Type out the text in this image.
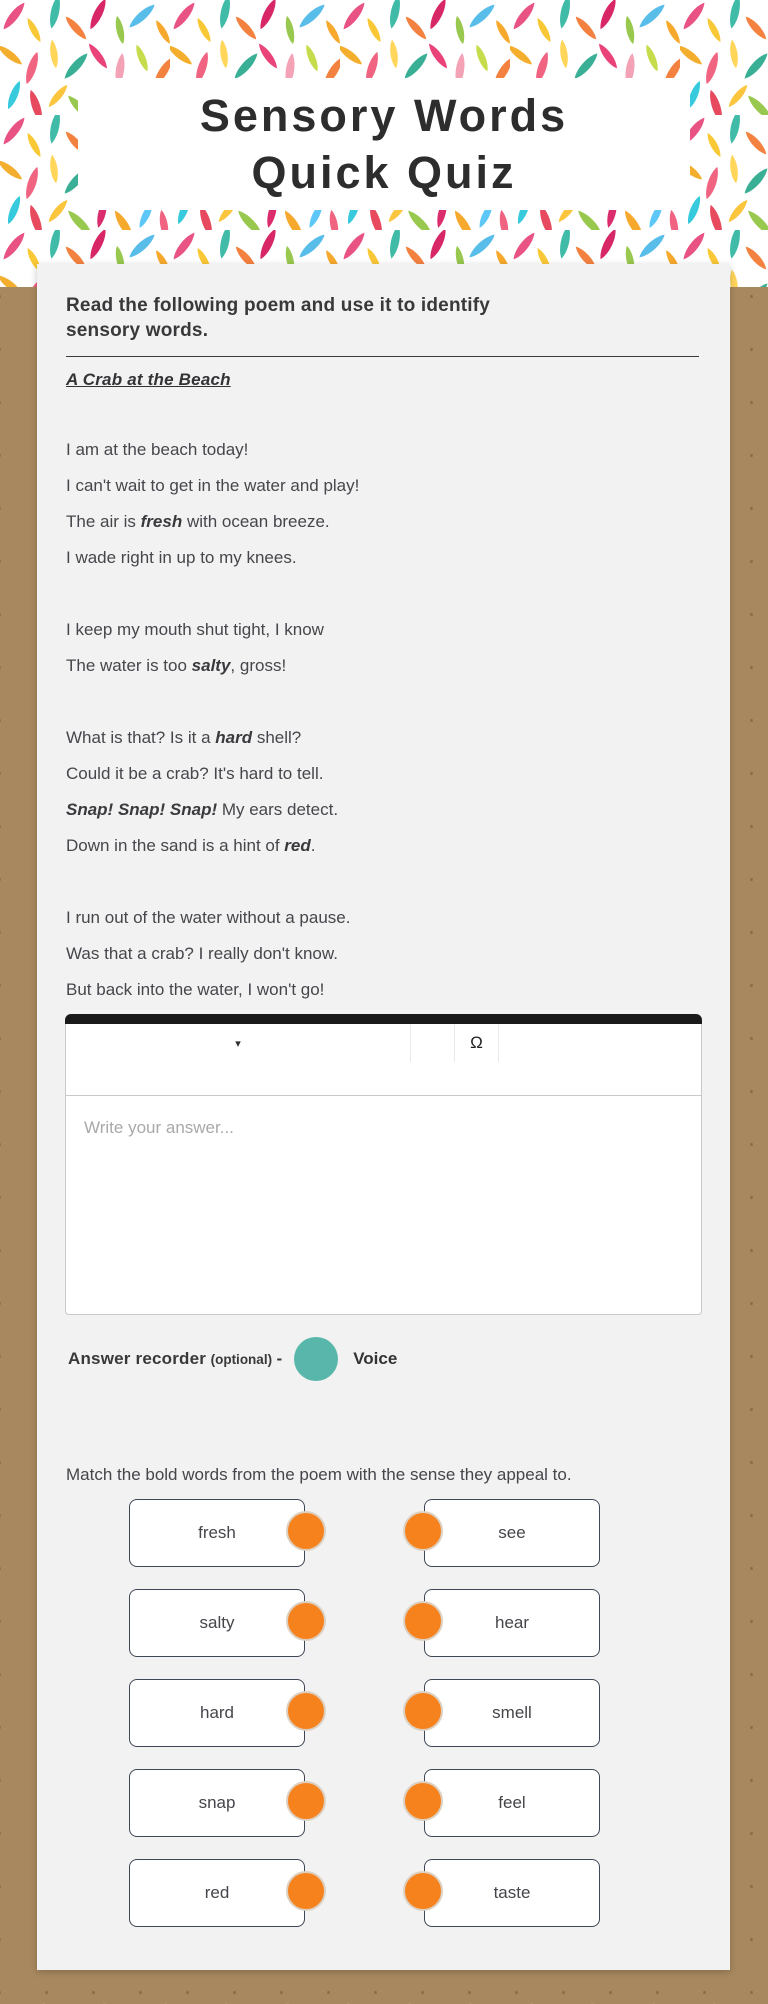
Sensory Words
Quick Quiz
Read the following poem and use it to identify
sensory words.
A Crab at the Beach
I am at the beach today!
I can't wait to get in the water and play!
The air is fresh with ocean breeze.
I wade right in up to my knees.
I keep my mouth shut tight, I know
The water is too salty, gross!
What is that? Is it a hard shell?
Could it be a crab? It's hard to tell.
Snap! Snap! Snap! My ears detect.
Down in the sand is a hint of red.
I run out of the water without a pause.
Was that a crab? I really don't know.
But back into the water, I won't go!
▾	Ω
Write your answer...
Answer recorder
(optional)
-	Voice
Match the bold words from the poem with the sense they appeal to.
fresh	see
salty	hear
hard	smell
snap	feel
red	taste
